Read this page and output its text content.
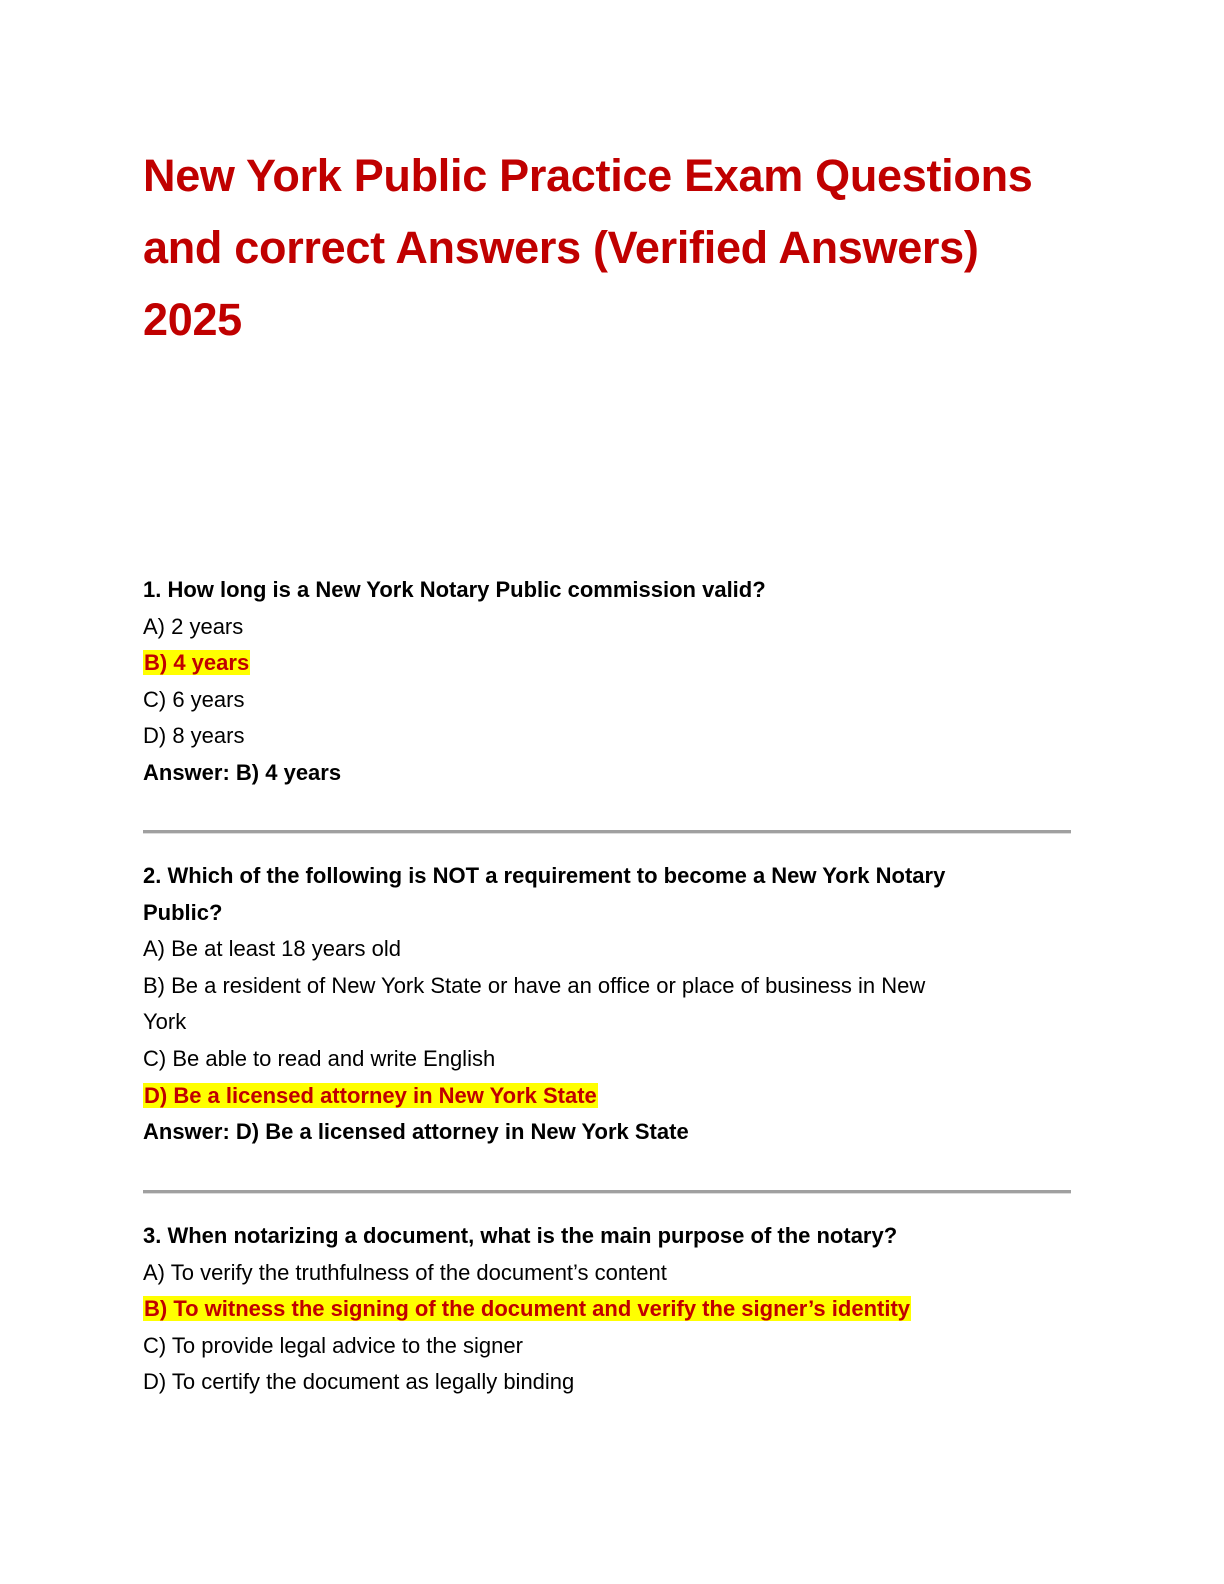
New York Public Practice Exam Questions
and correct Answers (Verified Answers)
2025
1. How long is a New York Notary Public commission valid?
A) 2 years
B) 4 years
C) 6 years
D) 8 years
Answer: B) 4 years
2. Which of the following is NOT a requirement to become a New York Notary
Public?
A) Be at least 18 years old
B) Be a resident of New York State or have an office or place of business in New
York
C) Be able to read and write English
D) Be a licensed attorney in New York State
Answer: D) Be a licensed attorney in New York State
3. When notarizing a document, what is the main purpose of the notary?
A) To verify the truthfulness of the document’s content
B) To witness the signing of the document and verify the signer’s identity
C) To provide legal advice to the signer
D) To certify the document as legally binding
